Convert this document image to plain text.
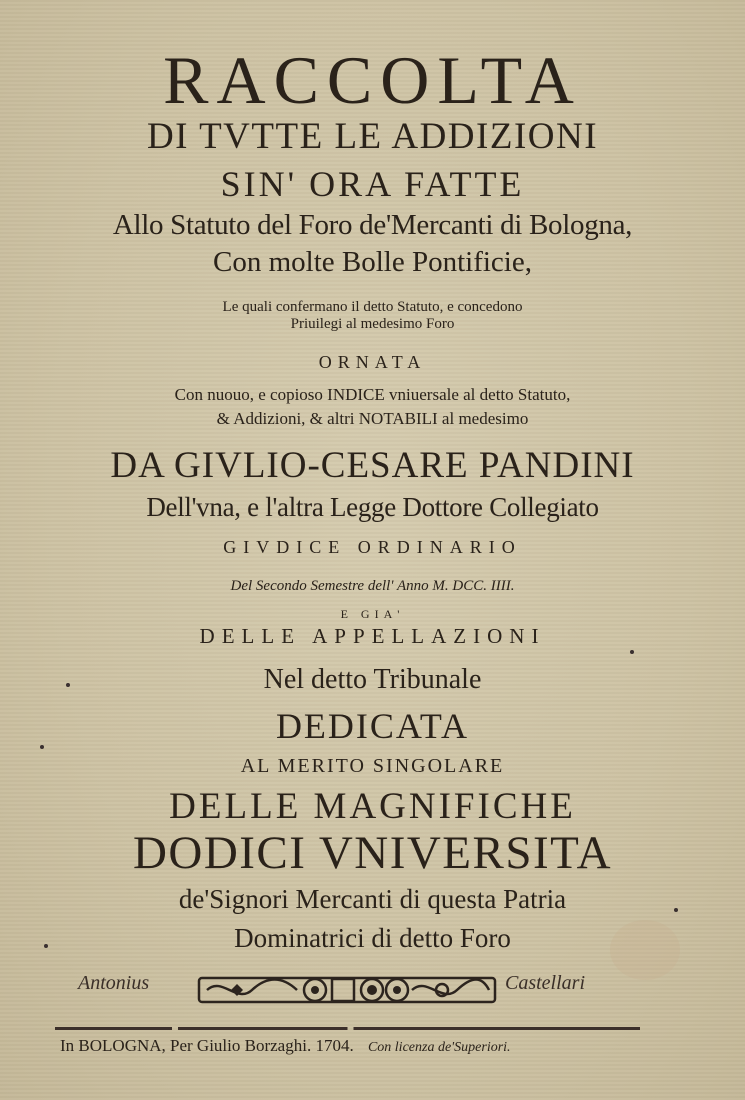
RACCOLTA
DI TVTTE LE ADDIZIONI
SIN' ORA FATTE
Allo Statuto del Foro de'Mercanti di Bologna,
Con molte Bolle Pontificie,
Le quali confermano il detto Statuto, e concedono
Priuilegi al medesimo Foro
ORNATA
Con nuouo, e copioso INDICE vniuersale al detto Statuto,
& Addizioni, & altri NOTABILI al medesimo
DA GIVLIO-CESARE PANDINI
Dell'vna, e l'altra Legge Dottore Collegiato
GIVDICE ORDINARIO
Del Secondo Semestre dell' Anno M. DCC. IIII.
E GIA'
DELLE APPELLAZIONI
Nel detto Tribunale
DEDICATA
AL MERITO SINGOLARE
DELLE MAGNIFICHE
DODICI VNIVERSITA
de'Signori Mercanti di questa Patria
Dominatrici di detto Foro
Antonius	Castellari
In BOLOGNA, Per Giulio Borzaghi. 1704. Con licenza de'Superiori.
